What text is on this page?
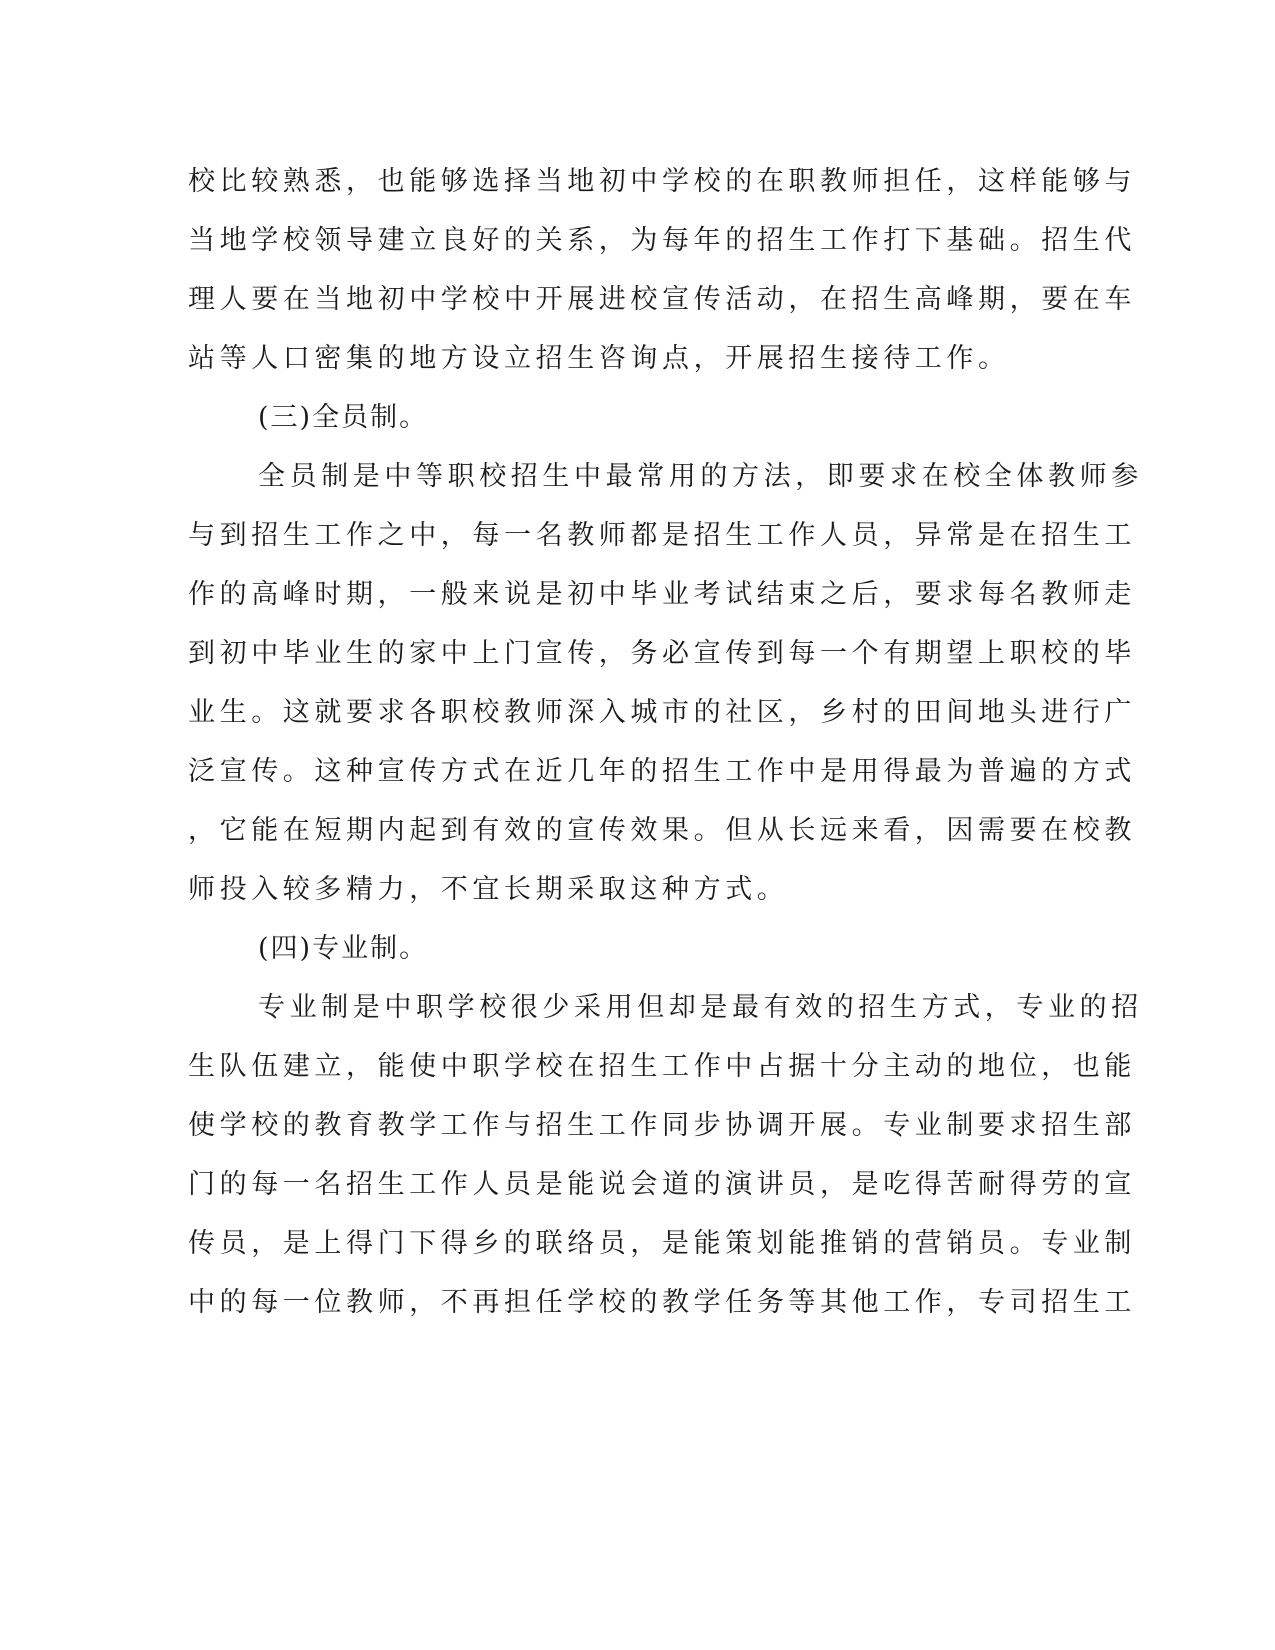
校比较熟悉，也能够选择当地初中学校的在职教师担任，这样能够与
当地学校领导建立良好的关系，为每年的招生工作打下基础。招生代
理人要在当地初中学校中开展进校宣传活动，在招生高峰期，要在车
站等人口密集的地方设立招生咨询点，开展招生接待工作。
(三)全员制。
全员制是中等职校招生中最常用的方法，即要求在校全体教师参
与到招生工作之中，每一名教师都是招生工作人员，异常是在招生工
作的高峰时期，一般来说是初中毕业考试结束之后，要求每名教师走
到初中毕业生的家中上门宣传，务必宣传到每一个有期望上职校的毕
业生。这就要求各职校教师深入城市的社区，乡村的田间地头进行广
泛宣传。这种宣传方式在近几年的招生工作中是用得最为普遍的方式
，它能在短期内起到有效的宣传效果。但从长远来看，因需要在校教
师投入较多精力，不宜长期采取这种方式。
(四)专业制。
专业制是中职学校很少采用但却是最有效的招生方式，专业的招
生队伍建立，能使中职学校在招生工作中占据十分主动的地位，也能
使学校的教育教学工作与招生工作同步协调开展。专业制要求招生部
门的每一名招生工作人员是能说会道的演讲员，是吃得苦耐得劳的宣
传员，是上得门下得乡的联络员，是能策划能推销的营销员。专业制
中的每一位教师，不再担任学校的教学任务等其他工作，专司招生工
